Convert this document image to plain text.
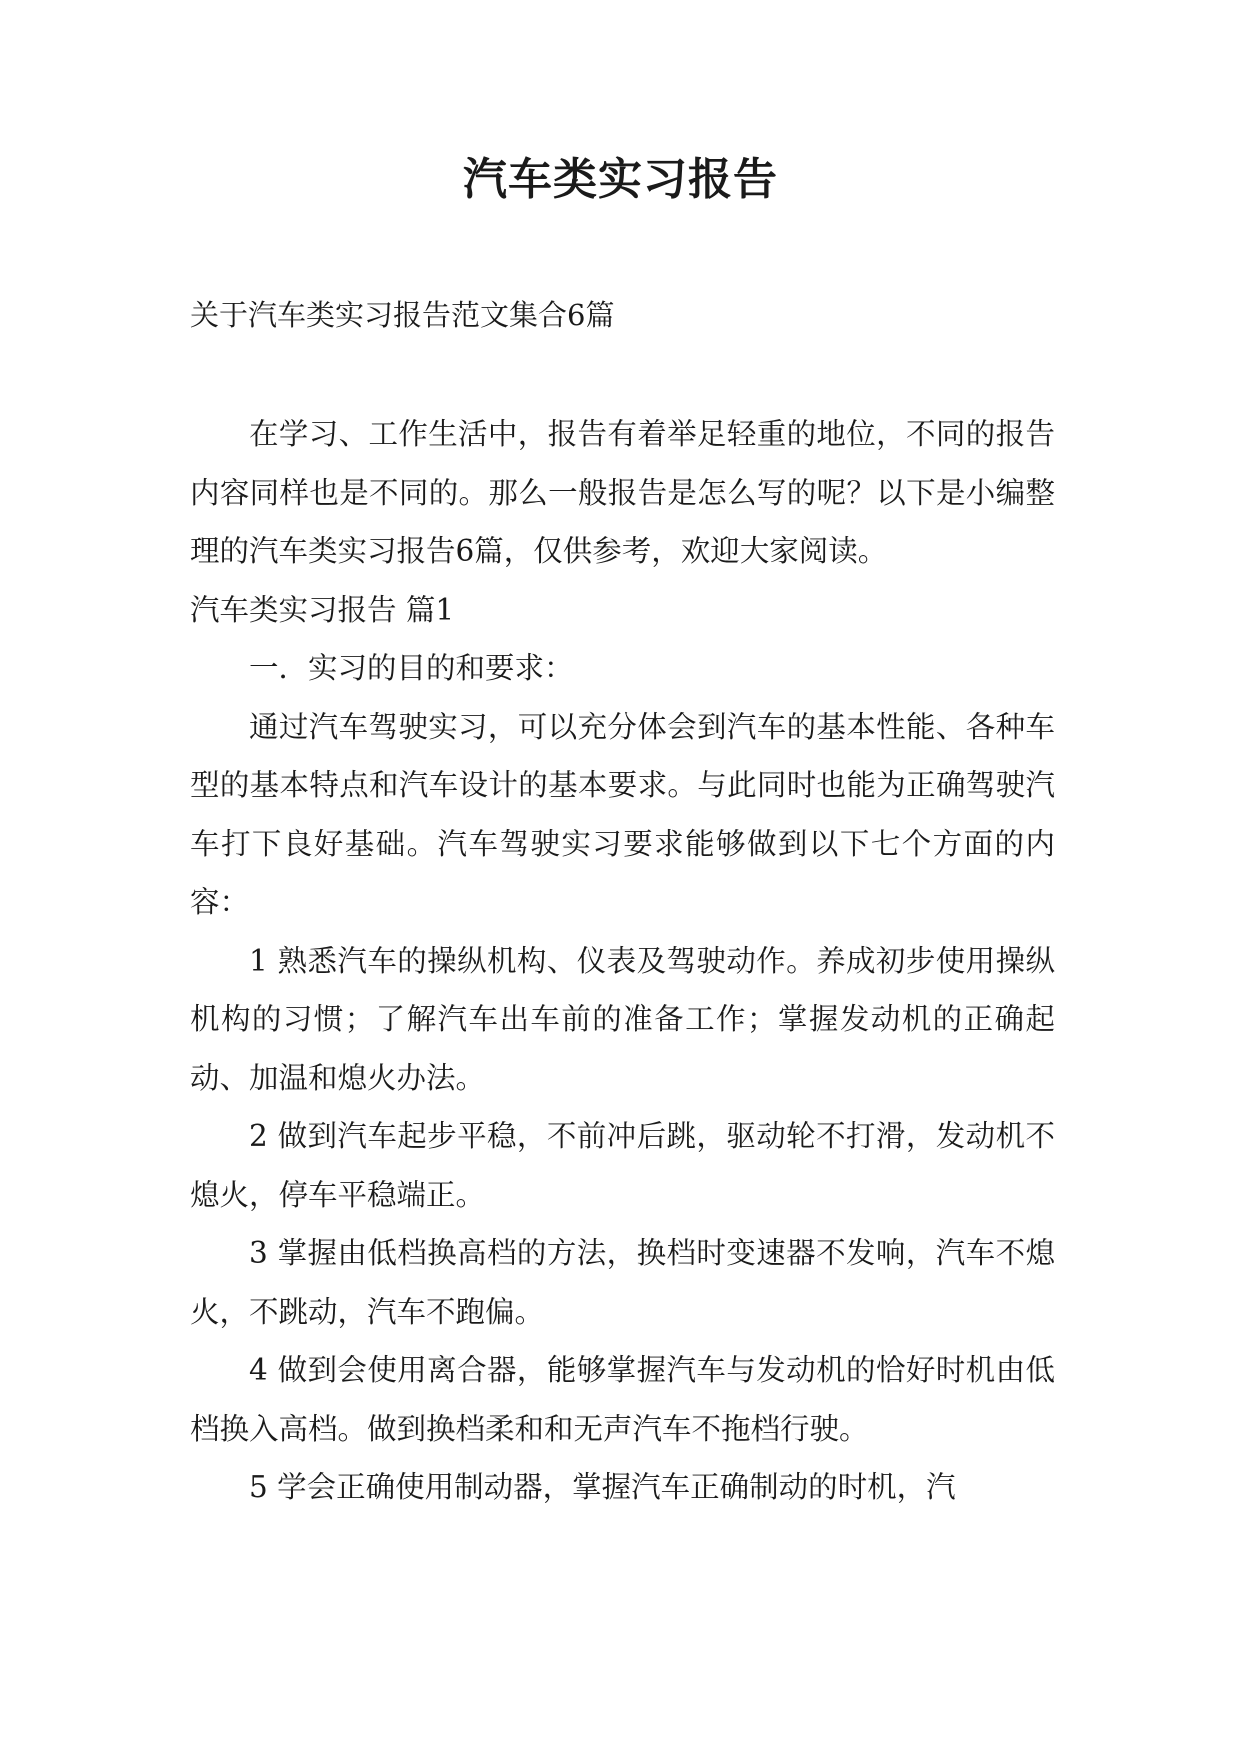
汽车类实习报告

关于汽车类实习报告范文集合6篇

在学习、工作生活中，报告有着举足轻重的地位，不同的报告内容同样也是不同的。那么一般报告是怎么写的呢？以下是小编整理的汽车类实习报告6篇，仅供参考，欢迎大家阅读。

汽车类实习报告 篇1

一．实习的目的和要求：

通过汽车驾驶实习，可以充分体会到汽车的基本性能、各种车型的基本特点和汽车设计的基本要求。与此同时也能为正确驾驶汽车打下良好基础。汽车驾驶实习要求能够做到以下七个方面的内容：

1 熟悉汽车的操纵机构、仪表及驾驶动作。养成初步使用操纵机构的习惯；了解汽车出车前的准备工作；掌握发动机的正确起动、加温和熄火办法。

2 做到汽车起步平稳，不前冲后跳，驱动轮不打滑，发动机不熄火，停车平稳端正。

3 掌握由低档换高档的方法，换档时变速器不发响，汽车不熄火，不跳动，汽车不跑偏。

4 做到会使用离合器，能够掌握汽车与发动机的恰好时机由低档换入高档。做到换档柔和和无声汽车不拖档行驶。

5 学会正确使用制动器，掌握汽车正确制动的时机，汽
